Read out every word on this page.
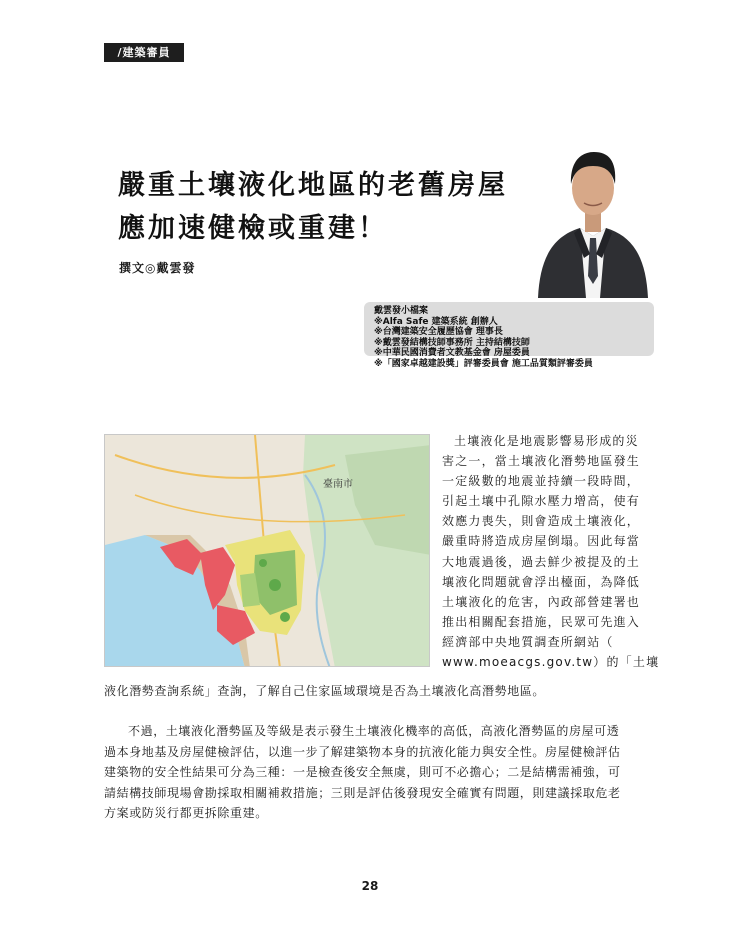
/建築審員
嚴重土壤液化地區的老舊房屋
應加速健檢或重建！
撰文◎戴雲發
戴雲發小檔案
※Alfa Safe 建築系統 創辦人
※台灣建築安全履歷協會 理事長
※戴雲發結構技師事務所 主持結構技師
※中華民國消費者文教基金會 房屋委員
※「國家卓越建設獎」評審委員會 施工品質類評審委員
臺南市
土壤液化是地震影響易形成的災
害之一，當土壤液化潛勢地區發生
一定級數的地震並持續一段時間，
引起土壤中孔隙水壓力增高，使有
效應力喪失，則會造成土壤液化，
嚴重時將造成房屋倒塌。因此每當
大地震過後，過去鮮少被提及的土
壤液化問題就會浮出檯面，為降低
土壤液化的危害，內政部營建署也
推出相關配套措施，民眾可先進入
經濟部中央地質調查所網站（
www.moeacgs.gov.tw）的「土壤
液化潛勢查詢系統」查詢，了解自己住家區域環境是否為土壤液化高潛勢地區。
不過，土壤液化潛勢區及等級是表示發生土壤液化機率的高低，高液化潛勢區的房屋可透
過本身地基及房屋健檢評估，以進一步了解建築物本身的抗液化能力與安全性。房屋健檢評估
建築物的安全性結果可分為三種：一是檢查後安全無虞，則可不必擔心；二是結構需補強，可
請結構技師現場會勘採取相關補救措施；三則是評估後發現安全確實有問題，則建議採取危老
方案或防災行都更拆除重建。
28
